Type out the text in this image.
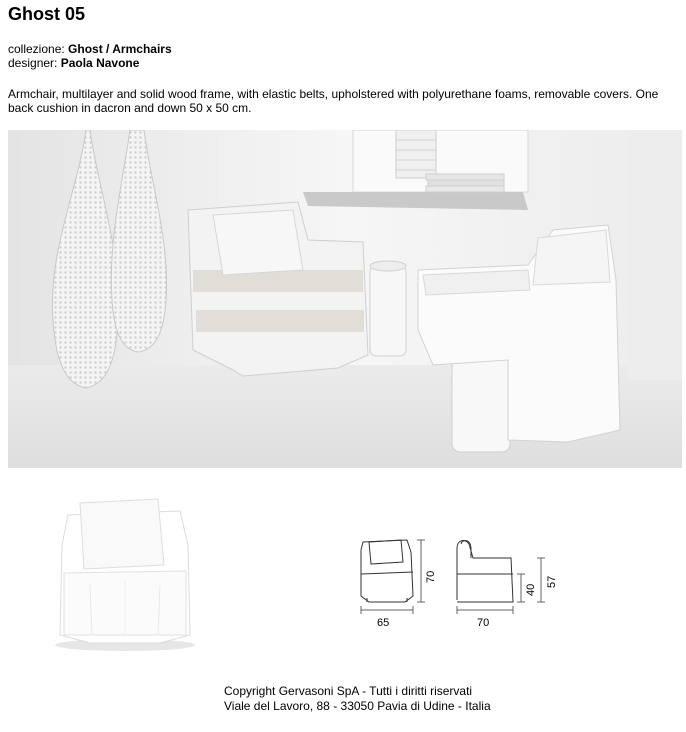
Ghost 05
collezione: Ghost / Armchairs
designer: Paola Navone
Armchair, multilayer and solid wood frame, with elastic belts, upholstered with polyurethane foams, removable covers. One back cushion in dacron and down 50 x 50 cm.
65
70
70
40
57
Copyright Gervasoni SpA - Tutti i diritti riservati
Viale del Lavoro, 88 - 33050 Pavia di Udine - Italia
